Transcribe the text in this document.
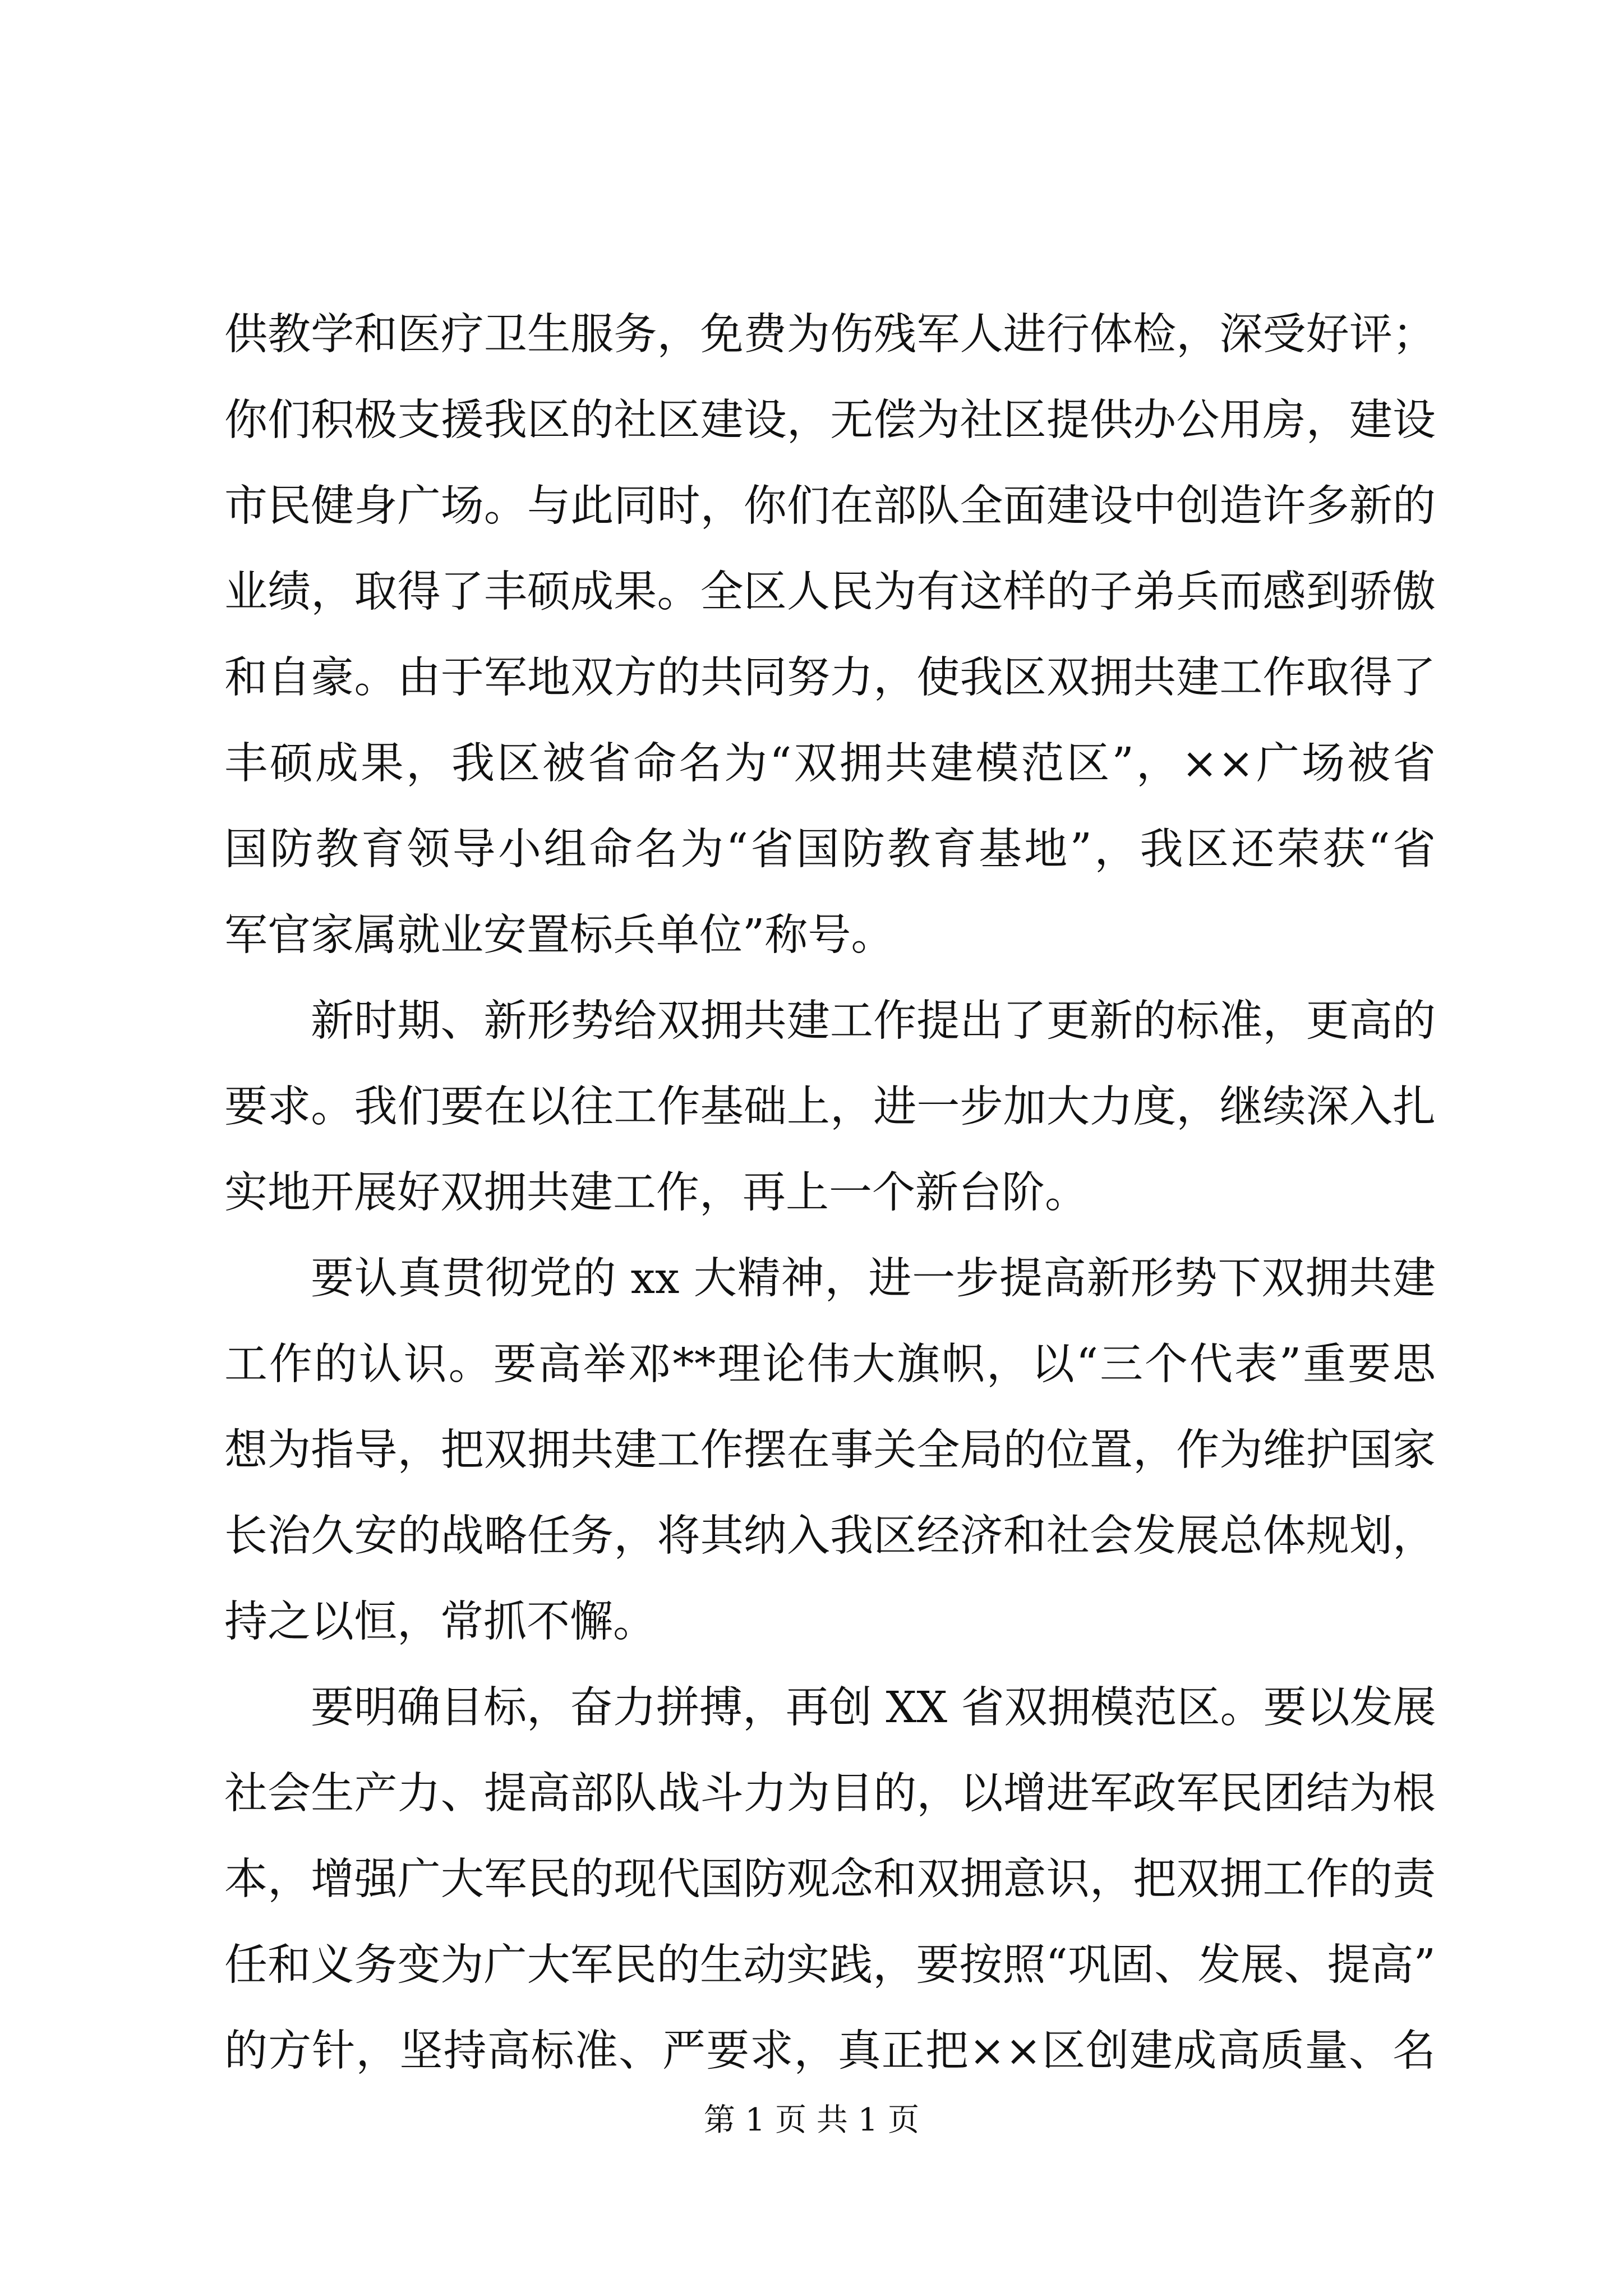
供教学和医疗卫生服务，免费为伤残军人进行体检，深受好评；
你们积极支援我区的社区建设，无偿为社区提供办公用房，建设
市民健身广场。与此同时，你们在部队全面建设中创造许多新的
业绩，取得了丰硕成果。全区人民为有这样的子弟兵而感到骄傲
和自豪。由于军地双方的共同努力，使我区双拥共建工作取得了
丰硕成果，我区被省命名为“双拥共建模范区”，××广场被省
国防教育领导小组命名为“省国防教育基地”，我区还荣获“省
军官家属就业安置标兵单位”称号。
新时期、新形势给双拥共建工作提出了更新的标准，更高的
要求。我们要在以往工作基础上，进一步加大力度，继续深入扎
实地开展好双拥共建工作，再上一个新台阶。
要认真贯彻党的 xx 大精神，进一步提高新形势下双拥共建
工作的认识。要高举邓**理论伟大旗帜，以“三个代表”重要思
想为指导，把双拥共建工作摆在事关全局的位置，作为维护国家
长治久安的战略任务，将其纳入我区经济和社会发展总体规划，
持之以恒，常抓不懈。
要明确目标，奋力拼搏，再创 XX 省双拥模范区。要以发展
社会生产力、提高部队战斗力为目的，以增进军政军民团结为根
本，增强广大军民的现代国防观念和双拥意识，把双拥工作的责
任和义务变为广大军民的生动实践，要按照“巩固、发展、提高”
的方针，坚持高标准、严要求，真正把××区创建成高质量、名
第 1 页 共 1 页
